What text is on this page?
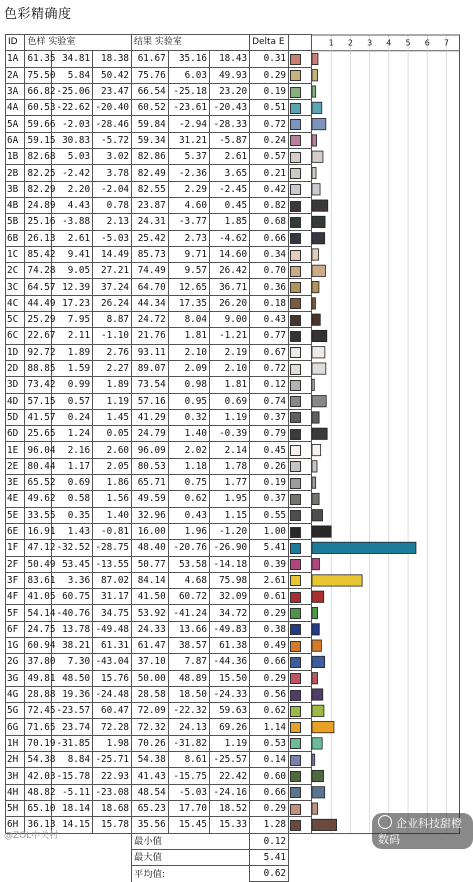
色彩精确度
ID	色样 实验室			结果 实验室			Delta E	
1A	61.35	34.81	18.38	61.67	35.16	18.43	0.31	

2A	75.50	5.84	50.42	75.76	6.03	49.93	0.29	

3A	66.82	-25.06	23.47	66.54	-25.18	23.20	0.19	

4A	60.53	-22.62	-20.40	60.52	-23.61	-20.43	0.51	

5A	59.66	-2.03	-28.46	59.84	-2.94	-28.33	0.72	

6A	59.15	30.83	-5.72	59.34	31.21	-5.87	0.24	

1B	82.68	5.03	3.02	82.86	5.37	2.61	0.57	

2B	82.25	-2.42	3.78	82.49	-2.36	3.65	0.21	

3B	82.29	2.20	-2.04	82.55	2.29	-2.45	0.42	

4B	24.89	4.43	0.78	23.87	4.60	0.45	0.82	

5B	25.16	-3.88	2.13	24.31	-3.77	1.85	0.68	

6B	26.13	2.61	-5.03	25.42	2.73	-4.62	0.66	

1C	85.42	9.41	14.49	85.73	9.71	14.60	0.34	

2C	74.28	9.05	27.21	74.49	9.57	26.42	0.70	

3C	64.57	12.39	37.24	64.70	12.65	36.71	0.36	

4C	44.49	17.23	26.24	44.34	17.35	26.20	0.18	

5C	25.29	7.95	8.87	24.72	8.04	9.00	0.43	

6C	22.67	2.11	-1.10	21.76	1.81	-1.21	0.77	

1D	92.72	1.89	2.76	93.11	2.10	2.19	0.67	

2D	88.85	1.59	2.27	89.07	2.09	2.10	0.72	

3D	73.42	0.99	1.89	73.54	0.98	1.81	0.12	

4D	57.15	0.57	1.19	57.16	0.95	0.69	0.74	

5D	41.57	0.24	1.45	41.29	0.32	1.19	0.37	

6D	25.65	1.24	0.05	24.79	1.40	-0.39	0.79	

1E	96.04	2.16	2.60	96.09	2.02	2.14	0.45	

2E	80.44	1.17	2.05	80.53	1.18	1.78	0.26	

3E	65.52	0.69	1.86	65.71	0.75	1.77	0.19	

4E	49.62	0.58	1.56	49.59	0.62	1.95	0.37	

5E	33.55	0.35	1.40	32.96	0.43	1.15	0.55	

6E	16.91	1.43	-0.81	16.00	1.96	-1.20	1.00	

1F	47.12	-32.52	-28.75	48.40	-20.76	-26.90	5.41	

2F	50.49	53.45	-13.55	50.77	53.58	-14.18	0.39	

3F	83.61	3.36	87.02	84.14	4.68	75.98	2.61	

4F	41.05	60.75	31.17	41.50	60.72	32.09	0.61	

5F	54.14	-40.76	34.75	53.92	-41.24	34.72	0.29	

6F	24.75	13.78	-49.48	24.33	13.66	-49.83	0.38	

1G	60.94	38.21	61.31	61.47	38.57	61.38	0.49	

2G	37.80	7.30	-43.04	37.10	7.87	-44.36	0.66	

3G	49.81	48.50	15.76	50.00	48.89	15.50	0.29	

4G	28.88	19.36	-24.48	28.58	18.50	-24.33	0.56	

5G	72.45	-23.57	60.47	72.09	-22.32	59.63	0.62	

6G	71.65	23.74	72.28	72.32	24.13	69.26	1.14	

1H	70.19	-31.85	1.98	70.26	-31.82	1.19	0.53	

2H	54.38	8.84	-25.71	54.38	8.61	-25.57	0.14	

3H	42.03	-15.78	22.93	41.43	-15.75	22.42	0.60	

4H	48.82	-5.11	-23.08	48.54	-5.03	-24.16	0.66	

5H	65.10	18.14	18.68	65.23	17.70	18.52	0.29	

6H	36.13	14.15	15.78	35.56	15.45	15.33	1.28	

				最小值			0.12	
				最大值			5.41	
				平均值:			0.62	
1 2 3 4 5 6 7
企业科技甜橙数码
@ZOL中关村
